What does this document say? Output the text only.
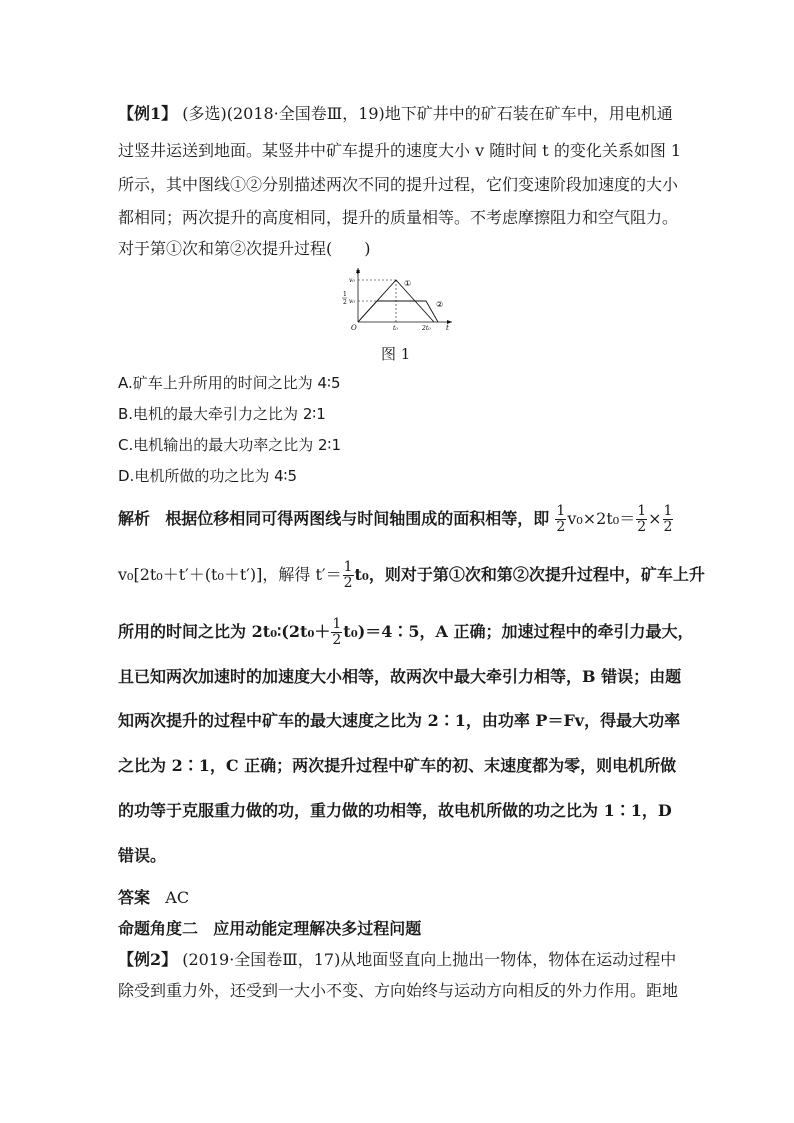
【例1】 (多选)(2018·全国卷Ⅲ，19)地下矿井中的矿石装在矿车中，用电机通
过竖井运送到地面。某竖井中矿车提升的速度大小 v 随时间 t 的变化关系如图 1
所示，其中图线①②分别描述两次不同的提升过程，它们变速阶段加速度的大小
都相同；两次提升的高度相同，提升的质量相等。不考虑摩擦阻力和空气阻力。
对于第①次和第②次提升过程(　　)
v
t
O
v₀
1
2 v₀
t₀	2t₀
①
②
图 1
A.矿车上升所用的时间之比为 4∶5
B.电机的最大牵引力之比为 2∶1
C.电机输出的最大功率之比为 2∶1
D.电机所做的功之比为 4∶5
解析 根据位移相同可得两图线与时间轴围成的面积相等，即 $\frac{1}{2} v_0\times 2t_0= \frac{1}{2} \times \frac{1}{2}$
v₀[2t₀＋t′＋(t₀＋t′)]，解得 $t'= \frac{1}{2} t_0$，则对于第①次和第②次提升过程中，矿车上升
所用的时间之比为 2t₀∶(2t₀＋ $\frac{1}{2}$ t₀)＝4∶5，A 正确；加速过程中的牵引力最大，
且已知两次加速时的加速度大小相等，故两次中最大牵引力相等，B 错误；由题
知两次提升的过程中矿车的最大速度之比为 2∶1，由功率 P＝Fv，得最大功率
之比为 2∶1，C 正确；两次提升过程中矿车的初、末速度都为零，则电机所做
的功等于克服重力做的功，重力做的功相等，故电机所做的功之比为 1∶1，D
错误。
答案 AC
命题角度二 应用动能定理解决多过程问题
【例2】 (2019·全国卷Ⅲ，17)从地面竖直向上抛出一物体，物体在运动过程中
除受到重力外，还受到一大小不变、方向始终与运动方向相反的外力作用。距地
